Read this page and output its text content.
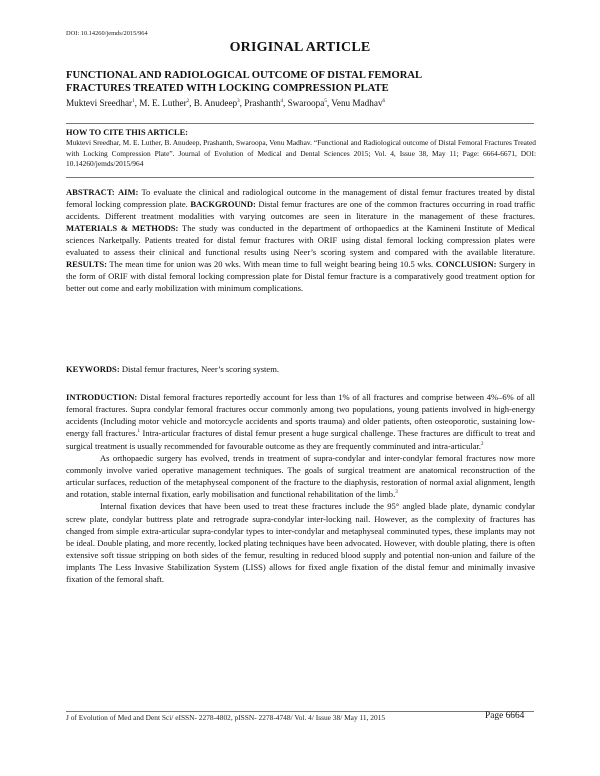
DOI: 10.14260/jemds/2015/964
ORIGINAL ARTICLE
FUNCTIONAL AND RADIOLOGICAL OUTCOME OF DISTAL FEMORAL
FRACTURES TREATED WITH LOCKING COMPRESSION PLATE
Muktevi Sreedhar$^1$, M. E. Luther$^2$, B. Anudeep$^3$, Prashanth$^4$, Swaroopa$^5$, Venu Madhav$^6$
HOW TO CITE THIS ARTICLE:
Muktevi Sreedhar, M. E. Luther, B. Anudeep, Prashanth, Swaroopa, Venu Madhav. “Functional and Radiological outcome of Distal Femoral Fractures Treated with Locking Compression Plate”. Journal of Evolution of Medical and Dental Sciences 2015; Vol. 4, Issue 38, May 11; Page: 6664-6671, DOI: 10.14260/jemds/2015/964
ABSTRACT: AIM: To evaluate the clinical and radiological outcome in the management of distal femur fractures treated by distal femoral locking compression plate. BACKGROUND: Distal femur fractures are one of the common fractures occurring in road traffic accidents. Different treatment modalities with varying outcomes are seen in literature in the management of these fractures. MATERIALS & METHODS: The study was conducted in the department of orthopaedics at the Kamineni Institute of Medical sciences Narketpally. Patients treated for distal femur fractures with ORIF using distal femoral locking compression plates were evaluated to assess their clinical and functional results using Neer’s scoring system and compared with the available literature. RESULTS: The mean time for union was 20 wks. With mean time to full weight bearing being 10.5 wks. CONCLUSION: Surgery in the form of ORIF with distal femoral locking compression plate for Distal femur fracture is a comparatively good treatment option for better out come and early mobilization with minimum complications.
KEYWORDS: Distal femur fractures, Neer’s scoring system.

INTRODUCTION: Distal femoral fractures reportedly account for less than 1% of all fractures and comprise between 4%–6% of all femoral fractures. Supra condylar femoral fractures occur commonly among two populations, young patients involved in high-energy accidents (Including motor vehicle and motorcycle accidents and sports trauma) and older patients, often osteoporotic, sustaining low-energy fall fractures.$^1$ Intra-articular fractures of distal femur present a huge surgical challenge. These fractures are difficult to treat and surgical treatment is usually recommended for favourable outcome as they are frequently comminuted and intra-articular.$^2$

As orthopaedic surgery has evolved, trends in treatment of supra-condylar and inter-condylar femoral fractures now more commonly involve varied operative management techniques. The goals of surgical treatment are anatomical reconstruction of the articular surfaces, reduction of the metaphyseal component of the fracture to the diaphysis, restoration of normal axial alignment, length and rotation, stable internal fixation, early mobilisation and functional rehabilitation of the limb.$^3$

Internal fixation devices that have been used to treat these fractures include the 95° angled blade plate, dynamic condylar screw plate, condylar buttress plate and retrograde supra-condylar inter-locking nail. However, as the complexity of fractures has changed from simple extra-articular supra-condylar types to inter-condylar and metaphyseal comminuted types, these implants may not be ideal. Double plating, and more recently, locked plating techniques have been advocated. However, with double plating, there is often extensive soft tissue stripping on both sides of the femur, resulting in reduced blood supply and potential non-union and failure of the implants The Less Invasive Stabilization System (LISS) allows for fixed angle fixation of the distal femur and minimally invasive fixation of the femoral shaft.

J of Evolution of Med and Dent Sci/ eISSN- 2278-4802, pISSN- 2278-4748/ Vol. 4/ Issue 38/ May 11, 2015	Page 6664
